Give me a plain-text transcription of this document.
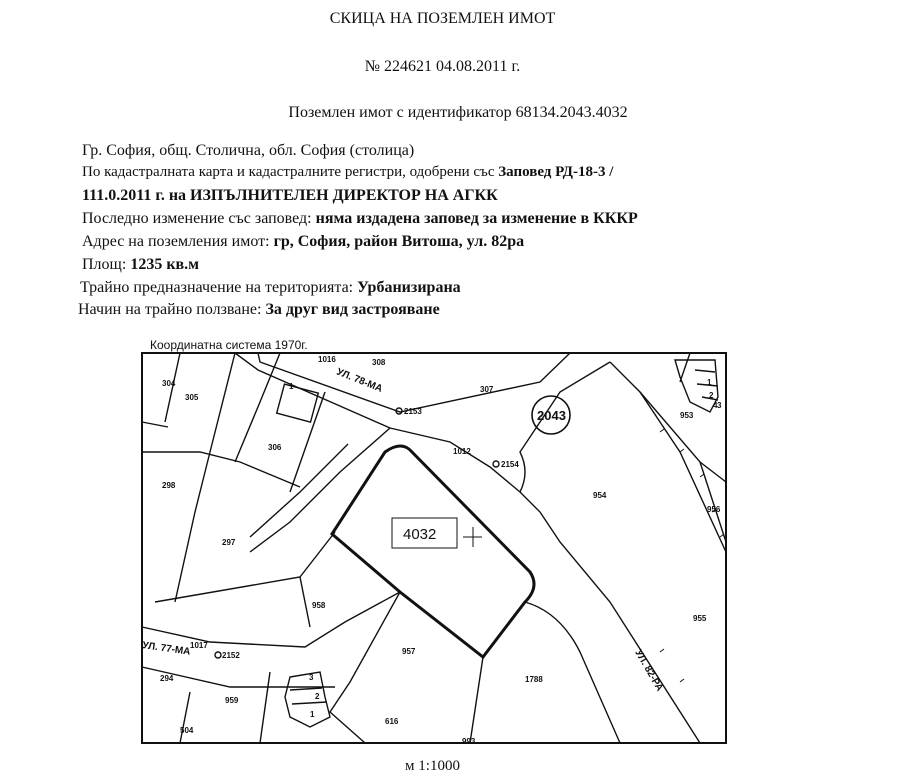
СКИЦА НА ПОЗЕМЛЕН ИМОТ
№ 224621 04.08.2011 г.
Поземлен имот с идентификатор 68134.2043.4032
Гр. София, общ. Столична, обл. София (столица)
По кадастралната карта и кадастралните регистри, одобрени със Заповед РД-18-3 /
111.0.2011 г. на ИЗПЪЛНИТЕЛЕН ДИРЕКТОР НА АГКК
Последно изменение със заповед: няма издадена заповед за изменение в КККР
Адрес на поземления имот: гр, София, район Витоша, ул. 82ра
Площ: 1235 кв.м
Трайно предназначение на територията: Урбанизирана
Начин на трайно ползване: За друг вид застрояване
Координатна система 1970г.
304
305
306
1
1016	308
307
2153
1012
2154
953
954
956
298
297
958
957
955
1017
2152
294
959
1788
3
2
1
616
504
993
1
2
4 3
УЛ. 78-МА
УЛ. 77-МА	УЛ. 82-РА
2043
4032
м 1:1000
